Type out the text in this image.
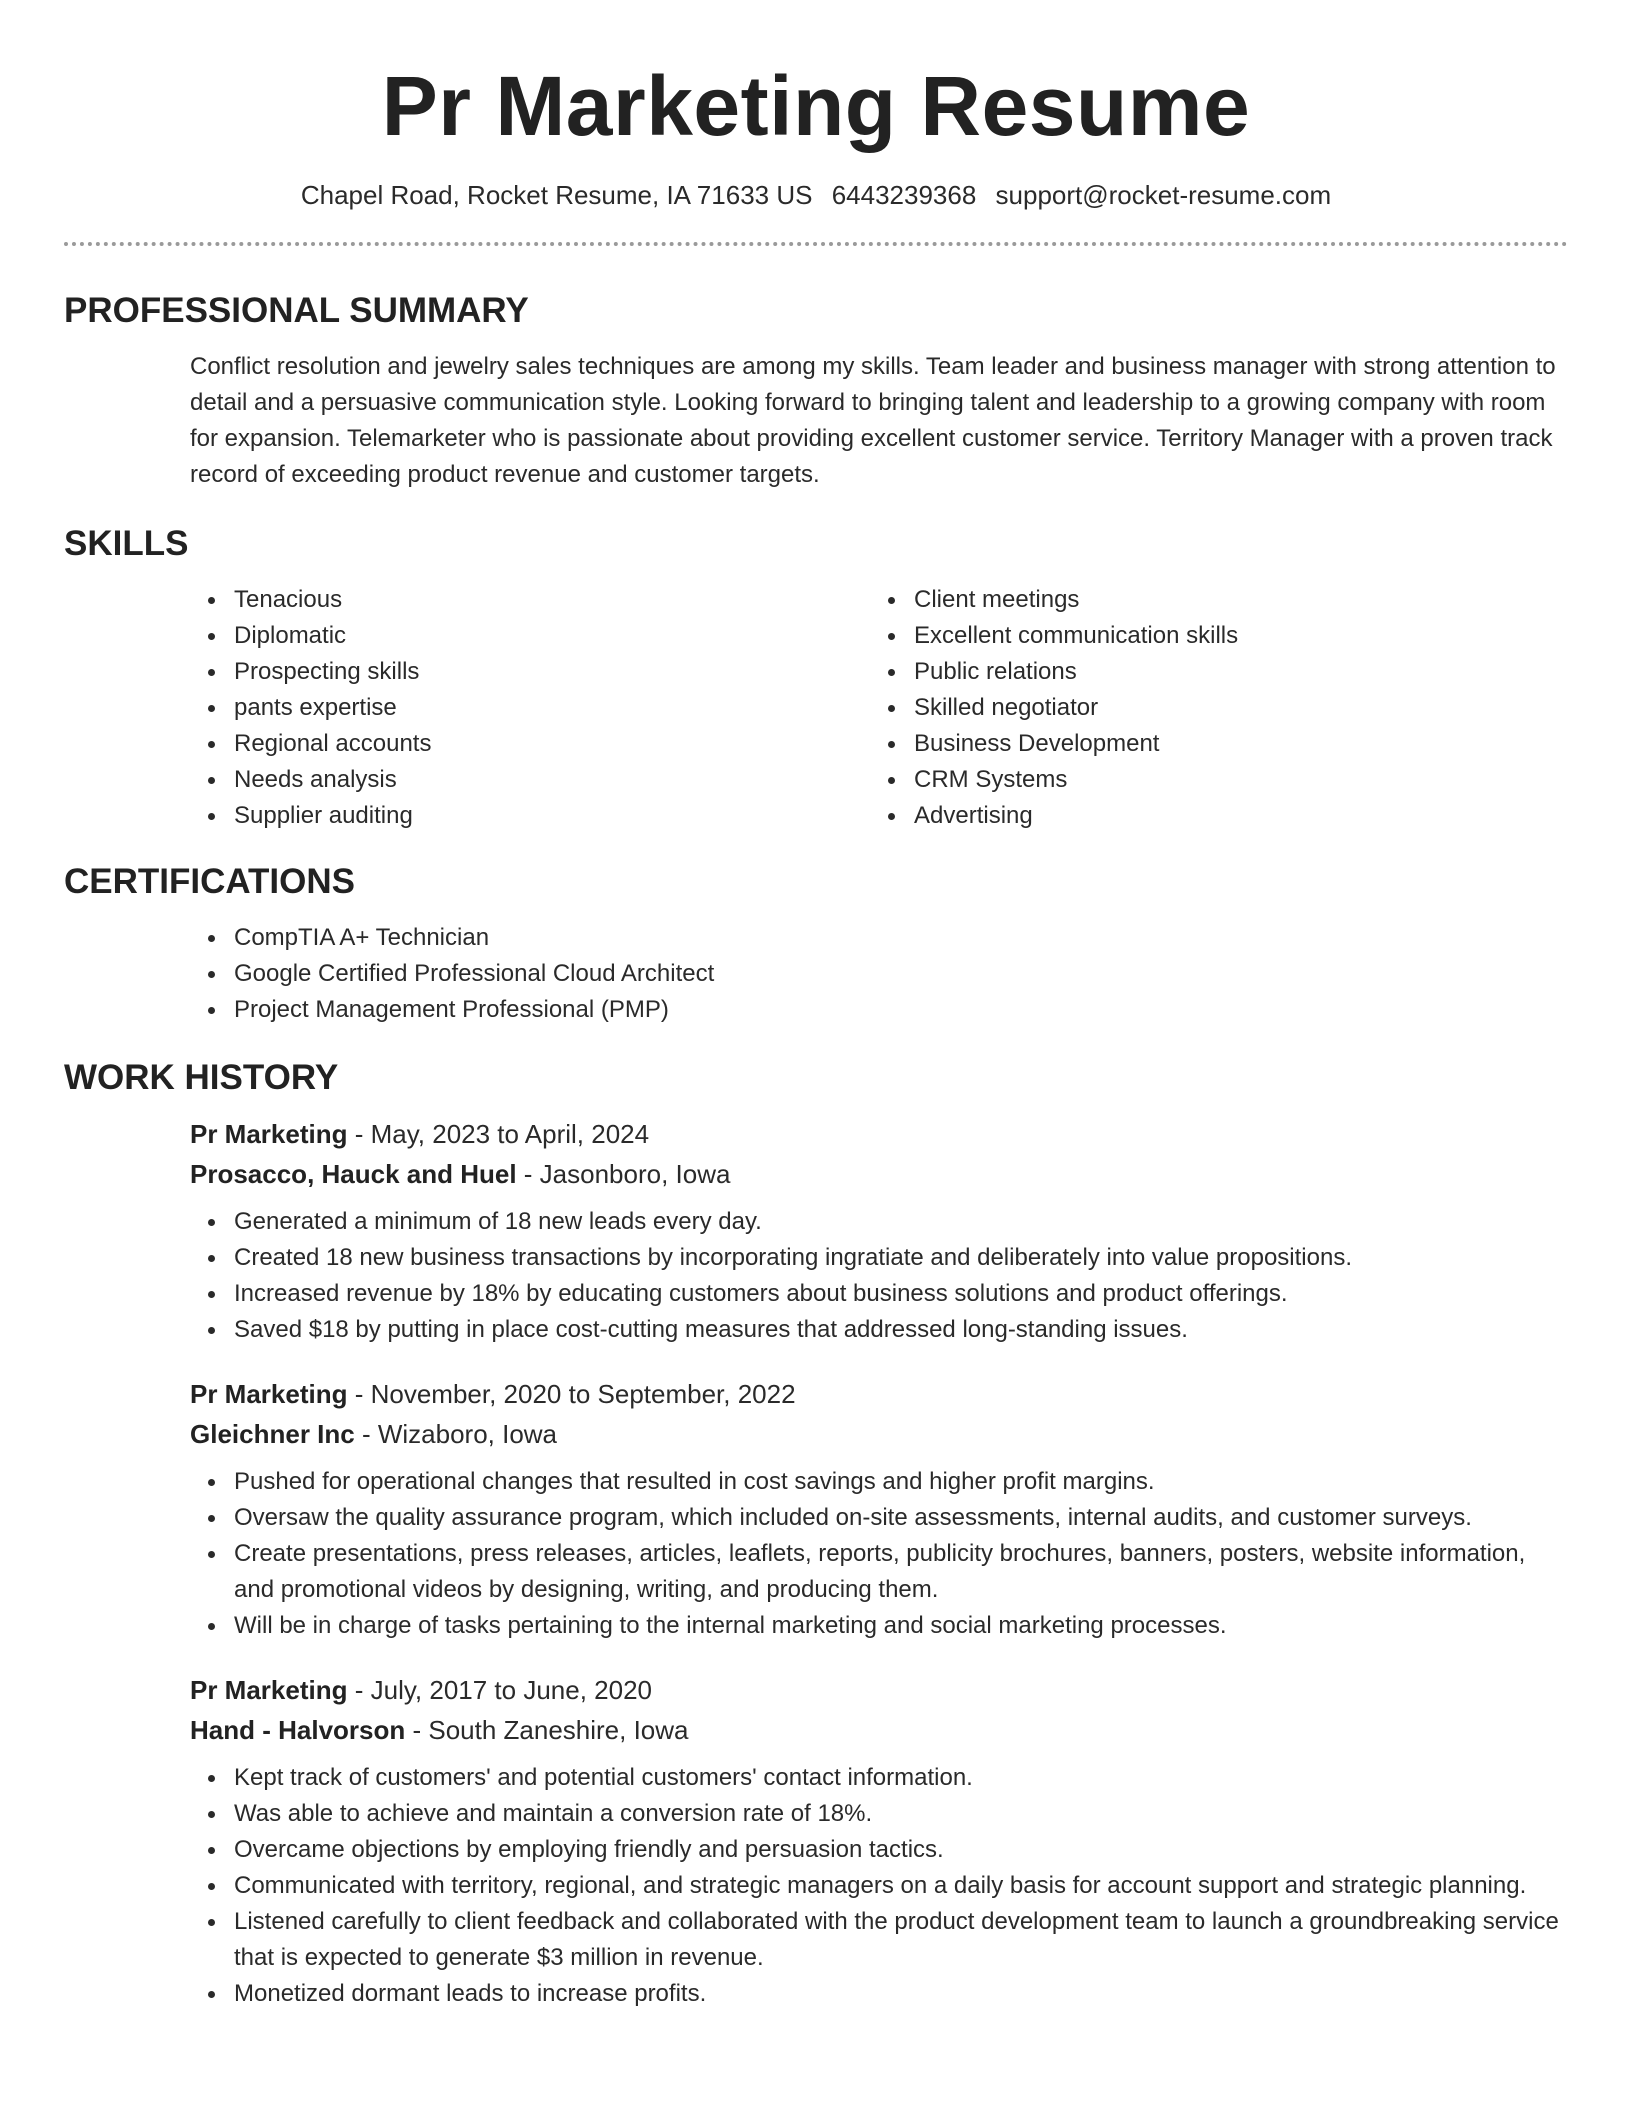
Pr Marketing Resume
Chapel Road, Rocket Resume, IA 71633 US 6443239368 support@rocket-resume.com
PROFESSIONAL SUMMARY
Conflict resolution and jewelry sales techniques are among my skills. Team leader and business manager with strong attention to detail and a persuasive communication style. Looking forward to bringing talent and leadership to a growing company with room for expansion. Telemarketer who is passionate about providing excellent customer service. Territory Manager with a proven track record of exceeding product revenue and customer targets.
SKILLS
Tenacious
Diplomatic
Prospecting skills
pants expertise
Regional accounts
Needs analysis
Supplier auditing
Client meetings
Excellent communication skills
Public relations
Skilled negotiator
Business Development
CRM Systems
Advertising
CERTIFICATIONS
CompTIA A+ Technician
Google Certified Professional Cloud Architect
Project Management Professional (PMP)
WORK HISTORY
Pr Marketing - May, 2023 to April, 2024
Prosacco, Hauck and Huel - Jasonboro, Iowa
Generated a minimum of 18 new leads every day.
Created 18 new business transactions by incorporating ingratiate and deliberately into value propositions.
Increased revenue by 18% by educating customers about business solutions and product offerings.
Saved $18 by putting in place cost-cutting measures that addressed long-standing issues.
Pr Marketing - November, 2020 to September, 2022
Gleichner Inc - Wizaboro, Iowa
Pushed for operational changes that resulted in cost savings and higher profit margins.
Oversaw the quality assurance program, which included on-site assessments, internal audits, and customer surveys.
Create presentations, press releases, articles, leaflets, reports, publicity brochures, banners, posters, website information, and promotional videos by designing, writing, and producing them.
Will be in charge of tasks pertaining to the internal marketing and social marketing processes.
Pr Marketing - July, 2017 to June, 2020
Hand - Halvorson - South Zaneshire, Iowa
Kept track of customers' and potential customers' contact information.
Was able to achieve and maintain a conversion rate of 18%.
Overcame objections by employing friendly and persuasion tactics.
Communicated with territory, regional, and strategic managers on a daily basis for account support and strategic planning.
Listened carefully to client feedback and collaborated with the product development team to launch a groundbreaking service that is expected to generate $3 million in revenue.
Monetized dormant leads to increase profits.
